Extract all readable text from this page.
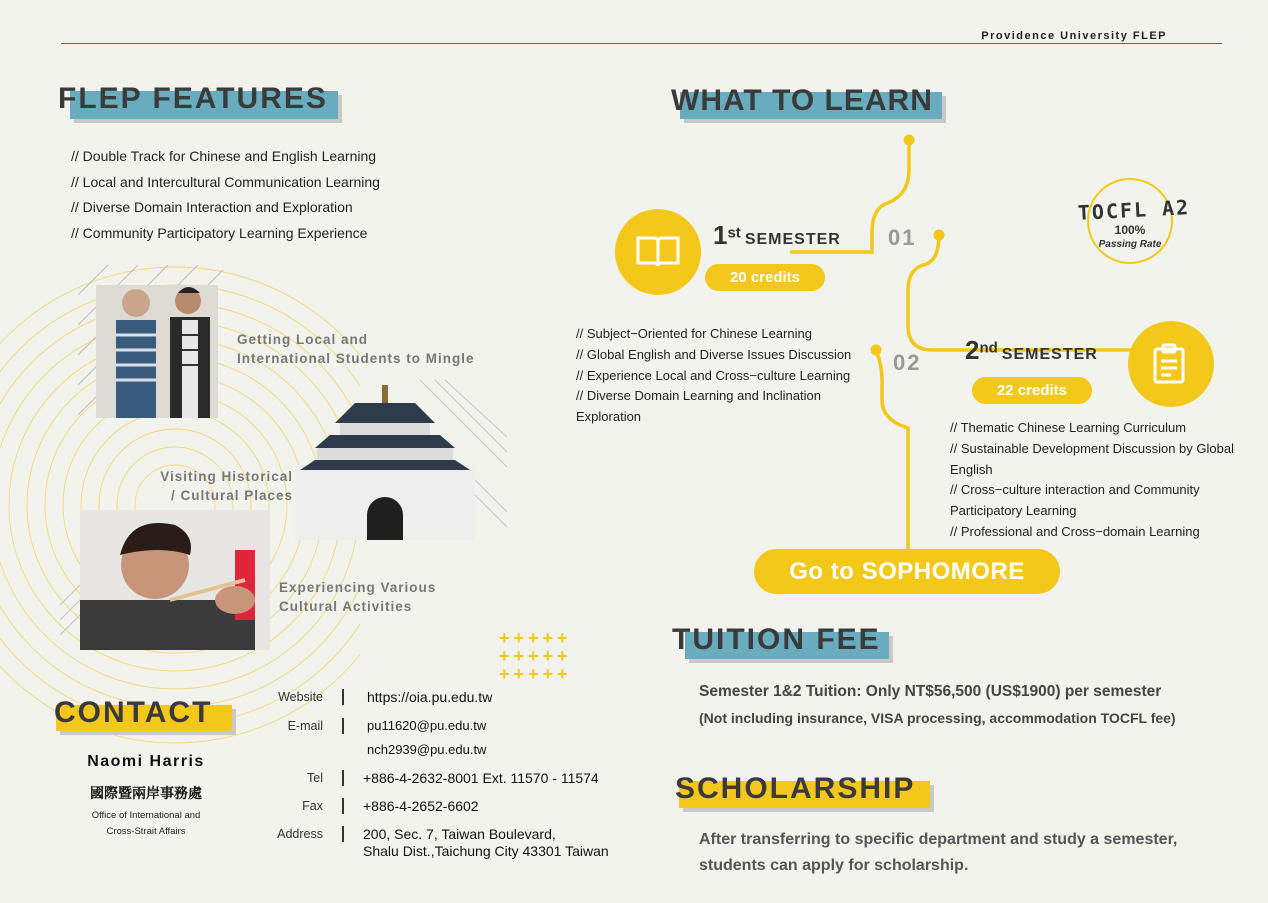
Providence University FLEP
FLEP FEATURES
// Double Track for Chinese and English Learning
// Local and Intercultural Communication Learning
// Diverse Domain Interaction and Exploration
// Community Participatory Learning Experience
Getting Local and
International Students to Mingle
Visiting Historical
/ Cultural Places
Experiencing Various
Cultural Activities
+++++
+++++
+++++
CONTACT
Naomi Harris
國際暨兩岸事務處
Office of International and
Cross-Strait Affairs
Website	https://oia.pu.edu.tw
E-mail	pu11620@pu.edu.tw
nch2939@pu.edu.tw
Tel	+886-4-2632-8001 Ext. 11570 - 11574
Fax	+886-4-2652-6602
Address	200, Sec. 7, Taiwan Boulevard,
Shalu Dist.,Taichung City 43301 Taiwan
WHAT TO LEARN
1st SEMESTER 01
20 credits
// Subject−Oriented for Chinese Learning
// Global English and Diverse Issues Discussion
// Experience Local and Cross−culture Learning
// Diverse Domain Learning and Inclination
Exploration
TOCFL A2
100%
Passing Rate
02 2nd SEMESTER
22 credits
// Thematic Chinese Learning Curriculum
// Sustainable Development Discussion by Global
English
// Cross−culture interaction and Community
Participatory Learning
// Professional and Cross−domain Learning
Go to SOPHOMORE
TUITION FEE
Semester 1&2 Tuition: Only NT$56,500 (US$1900) per semester
(Not including insurance, VISA processing, accommodation TOCFL fee)
SCHOLARSHIP
After transferring to specific department and study a semester,
students can apply for scholarship.
